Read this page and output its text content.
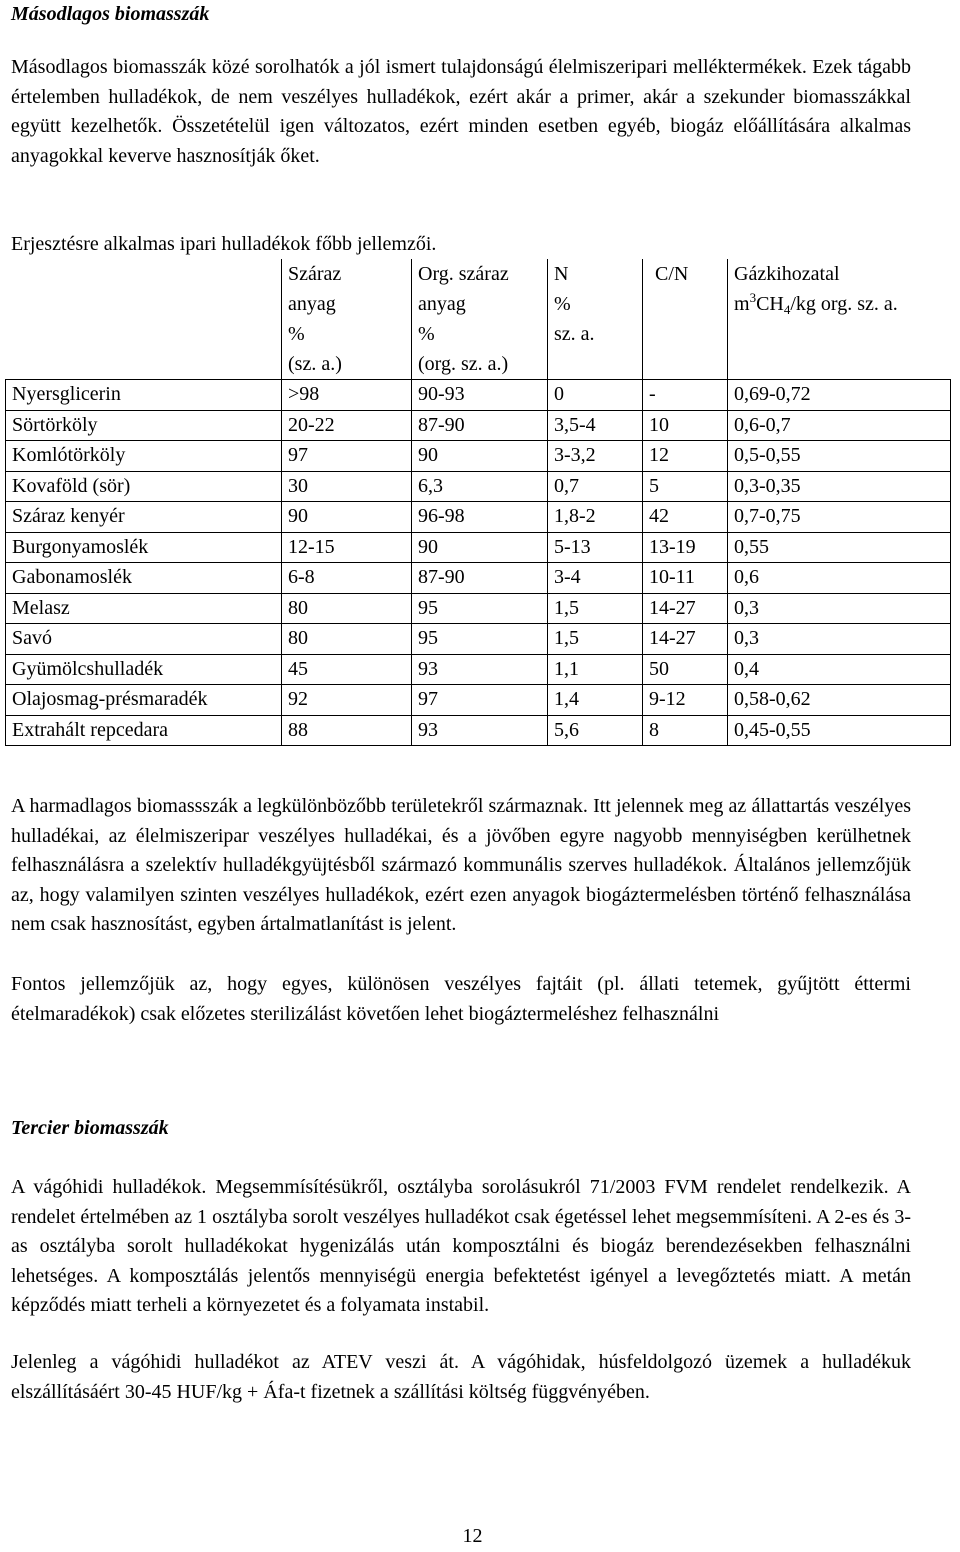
Másodlagos biomasszák

Másodlagos biomasszák közé sorolhatók a jól ismert tulajdonságú élelmiszeripari melléktermékek. Ezek tágabb értelemben hulladékok, de nem veszélyes hulladékok, ezért akár a primer, akár a szekunder biomasszákkal együtt kezelhetők. Összetételül igen változatos, ezért minden esetben egyéb, biogáz előállítására alkalmas anyagokkal keverve hasznosítják őket.

Erjesztésre alkalmas ipari hulladékok főbb jellemzői.

	Száraz
anyag
%
(sz. a.)	Org. száraz
anyag
%
(org. sz. a.)	N
%
sz. a.	C/N	Gázkihozatal
$m^3CH_4/kg$ org. sz. a.

Nyersglicerin	>98	90-93	0	-	0,69-0,72
Sörtörköly	20-22	87-90	3,5-4	10	0,6-0,7
Komlótörköly	97	90	3-3,2	12	0,5-0,55
Kovaföld (sör)	30	6,3	0,7	5	0,3-0,35
Száraz kenyér	90	96-98	1,8-2	42	0,7-0,75
Burgonyamoslék	12-15	90	5-13	13-19	0,55
Gabonamoslék	6-8	87-90	3-4	10-11	0,6
Melasz	80	95	1,5	14-27	0,3
Savó	80	95	1,5	14-27	0,3
Gyümölcshulladék	45	93	1,1	50	0,4
Olajosmag-présmaradék	92	97	1,4	9-12	0,58-0,62
Extrahált repcedara	88	93	5,6	8	0,45-0,55

A harmadlagos biomassszák a legkülönbözőbb területekről származnak. Itt jelennek meg az állattartás veszélyes hulladékai, az élelmiszeripar veszélyes hulladékai, és a jövőben egyre nagyobb mennyiségben kerülhetnek felhasználásra a szelektív hulladékgyüjtésből származó kommunális szerves hulladékok. Általános jellemzőjük az, hogy valamilyen szinten veszélyes hulladékok, ezért ezen anyagok biogáztermelésben történő felhasználása nem csak hasznosítást, egyben ártalmatlanítást is jelent.

Fontos jellemzőjük az, hogy egyes, különösen veszélyes fajtáit (pl. állati tetemek, gyűjtött éttermi ételmaradékok) csak előzetes sterilizálást követően lehet biogáztermeléshez felhasználni

Tercier biomasszák

A vágóhidi hulladékok. Megsemmísítésükről, osztályba sorolásukról 71/2003 FVM rendelet rendelkezik. A rendelet értelmében az 1 osztályba sorolt veszélyes hulladékot csak égetéssel lehet megsemmísíteni. A 2-es és 3-as osztályba sorolt hulladékokat hygenizálás után komposztálni és biogáz berendezésekben felhasználni lehetséges. A komposztálás jelentős mennyiségü energia befektetést igényel a levegőztetés miatt. A metán képződés miatt terheli a környezetet és a folyamata instabil.

Jelenleg a vágóhidi hulladékot az ATEV veszi át. A vágóhidak, húsfeldolgozó üzemek a hulladékuk elszállításáért 30-45 HUF/kg + Áfa-t fizetnek a szállítási költség függvényében.

12
